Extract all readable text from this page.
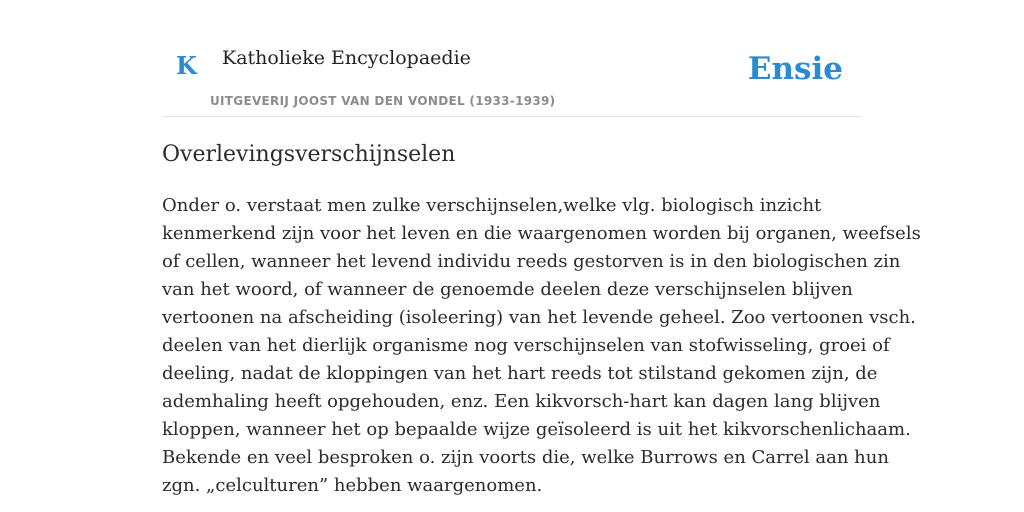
K Katholieke Encyclopaedie
UITGEVERIJ JOOST VAN DEN VONDEL (1933-1939)
Ensie
Overlevingsverschijnselen

Onder o. verstaat men zulke verschijnselen,welke vlg. biologisch inzicht
kenmerkend zijn voor het leven en die waargenomen worden bij organen, weefsels
of cellen, wanneer het levend individu reeds gestorven is in den biologischen zin
van het woord, of wanneer de genoemde deelen deze verschijnselen blijven
vertoonen na afscheiding (isoleering) van het levende geheel. Zoo vertoonen vsch.
deelen van het dierlijk organisme nog verschijnselen van stofwisseling, groei of
deeling, nadat de kloppingen van het hart reeds tot stilstand gekomen zijn, de
ademhaling heeft opgehouden, enz. Een kikvorsch-hart kan dagen lang blijven
kloppen, wanneer het op bepaalde wijze geïsoleerd is uit het kikvorschenlichaam.
Bekende en veel besproken o. zijn voorts die, welke Burrows en Carrel aan hun
zgn. „celculturen” hebben waargenomen.
